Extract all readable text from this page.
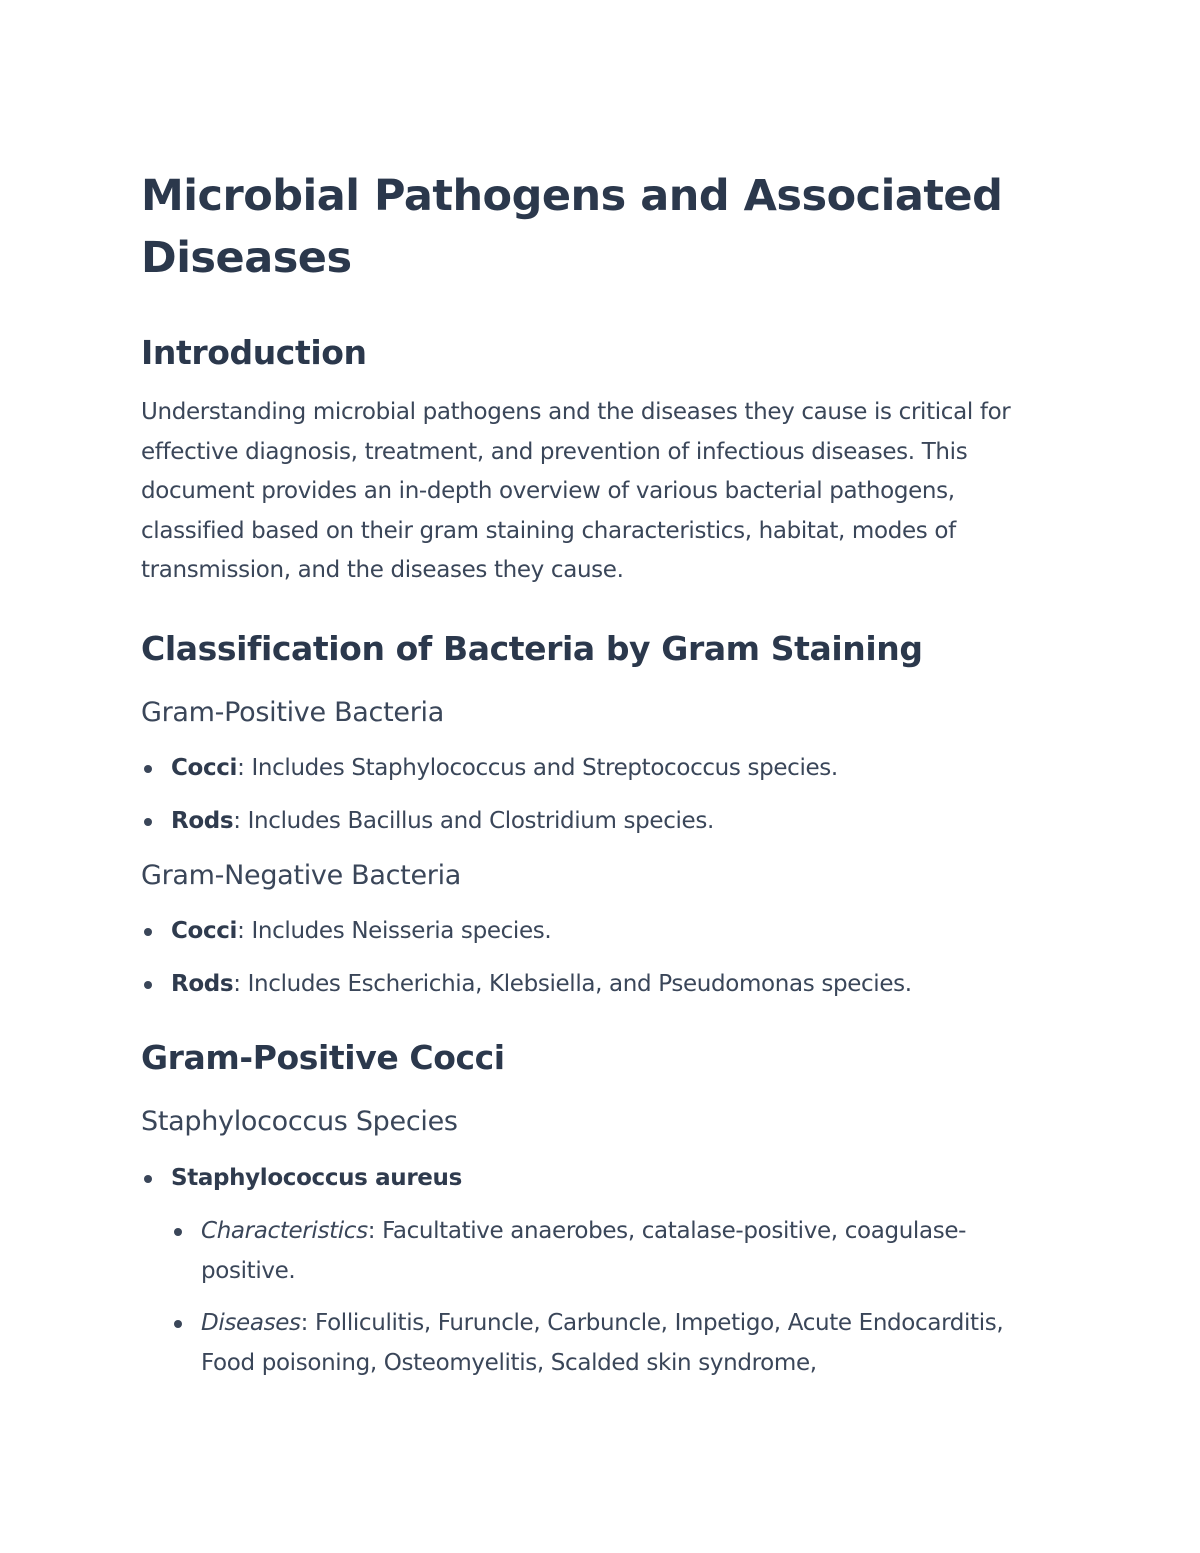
Microbial Pathogens and Associated Diseases
Introduction

Understanding microbial pathogens and the diseases they cause is critical for effective diagnosis, treatment, and prevention of infectious diseases. This document provides an in-depth overview of various bacterial pathogens, classified based on their gram staining characteristics, habitat, modes of transmission, and the diseases they cause.

Classification of Bacteria by Gram Staining
Gram-Positive Bacteria
Cocci: Includes Staphylococcus and Streptococcus species.
Rods: Includes Bacillus and Clostridium species.
Gram-Negative Bacteria
Cocci: Includes Neisseria species.
Rods: Includes Escherichia, Klebsiella, and Pseudomonas species.
Gram-Positive Cocci
Staphylococcus Species
Staphylococcus aureus
Characteristics: Facultative anaerobes, catalase-positive, coagulase-positive.
Diseases: Folliculitis, Furuncle, Carbuncle, Impetigo, Acute Endocarditis, Food poisoning, Osteomyelitis, Scalded skin syndrome,
